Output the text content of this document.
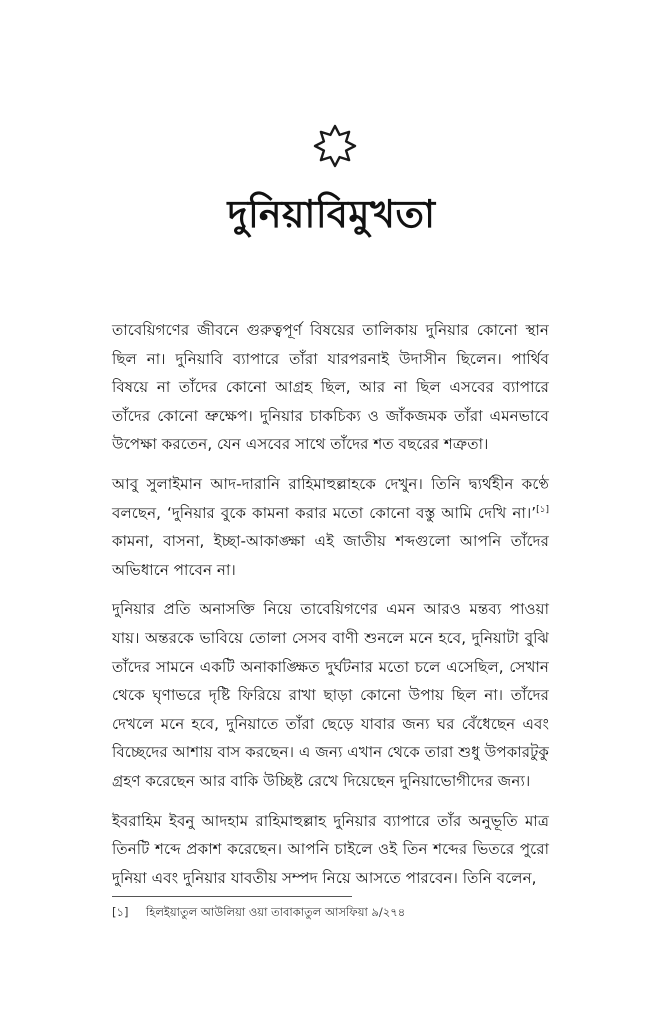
দুনিয়াবিমুখতা

তাবেয়িগণের জীবনে গুরুত্বপূর্ণ বিষয়ের তালিকায় দুনিয়ার কোনো স্থান ছিল না। দুনিয়াবি ব্যাপারে তাঁরা যারপরনাই উদাসীন ছিলেন। পার্থিব বিষয়ে না তাঁদের কোনো আগ্রহ ছিল, আর না ছিল এসবের ব্যাপারে তাঁদের কোনো ভ্রুক্ষেপ। দুনিয়ার চাকচিক্য ও জাঁকজমক তাঁরা এমনভাবে উপেক্ষা করতেন, যেন এসবের সাথে তাঁদের শত বছরের শত্রুতা।

আবু সুলাইমান আদ-দারানি রাহিমাহুল্লাহকে দেখুন। তিনি দ্ব্যর্থহীন কণ্ঠে বলছেন, ‘দুনিয়ার বুকে কামনা করার মতো কোনো বস্তু আমি দেখি না।’[১] কামনা, বাসনা, ইচ্ছা-আকাঙ্ক্ষা এই জাতীয় শব্দগুলো আপনি তাঁদের অভিধানে পাবেন না।

দুনিয়ার প্রতি অনাসক্তি নিয়ে তাবেয়িগণের এমন আরও মন্তব্য পাওয়া যায়। অন্তরকে ভাবিয়ে তোলা সেসব বাণী শুনলে মনে হবে, দুনিয়াটা বুঝি তাঁদের সামনে একটি অনাকাঙ্ক্ষিত দুর্ঘটনার মতো চলে এসেছিল, সেখান থেকে ঘৃণাভরে দৃষ্টি ফিরিয়ে রাখা ছাড়া কোনো উপায় ছিল না। তাঁদের দেখলে মনে হবে, দুনিয়াতে তাঁরা ছেড়ে যাবার জন্য ঘর বেঁধেছেন এবং বিচ্ছেদের আশায় বাস করছেন। এ জন্য এখান থেকে তারা শুধু উপকারটুকু গ্রহণ করেছেন আর বাকি উচ্ছিষ্ট রেখে দিয়েছেন দুনিয়াভোগীদের জন্য।

ইবরাহিম ইবনু আদহাম রাহিমাহুল্লাহ দুনিয়ার ব্যাপারে তাঁর অনুভূতি মাত্র তিনটি শব্দে প্রকাশ করেছেন। আপনি চাইলে ওই তিন শব্দের ভিতরে পুরো দুনিয়া এবং দুনিয়ার যাবতীয় সম্পদ নিয়ে আসতে পারবেন। তিনি বলেন,

[১] হিলইয়াতুল আউলিয়া ওয়া তাবাকাতুল আসফিয়া ৯/২৭৪
